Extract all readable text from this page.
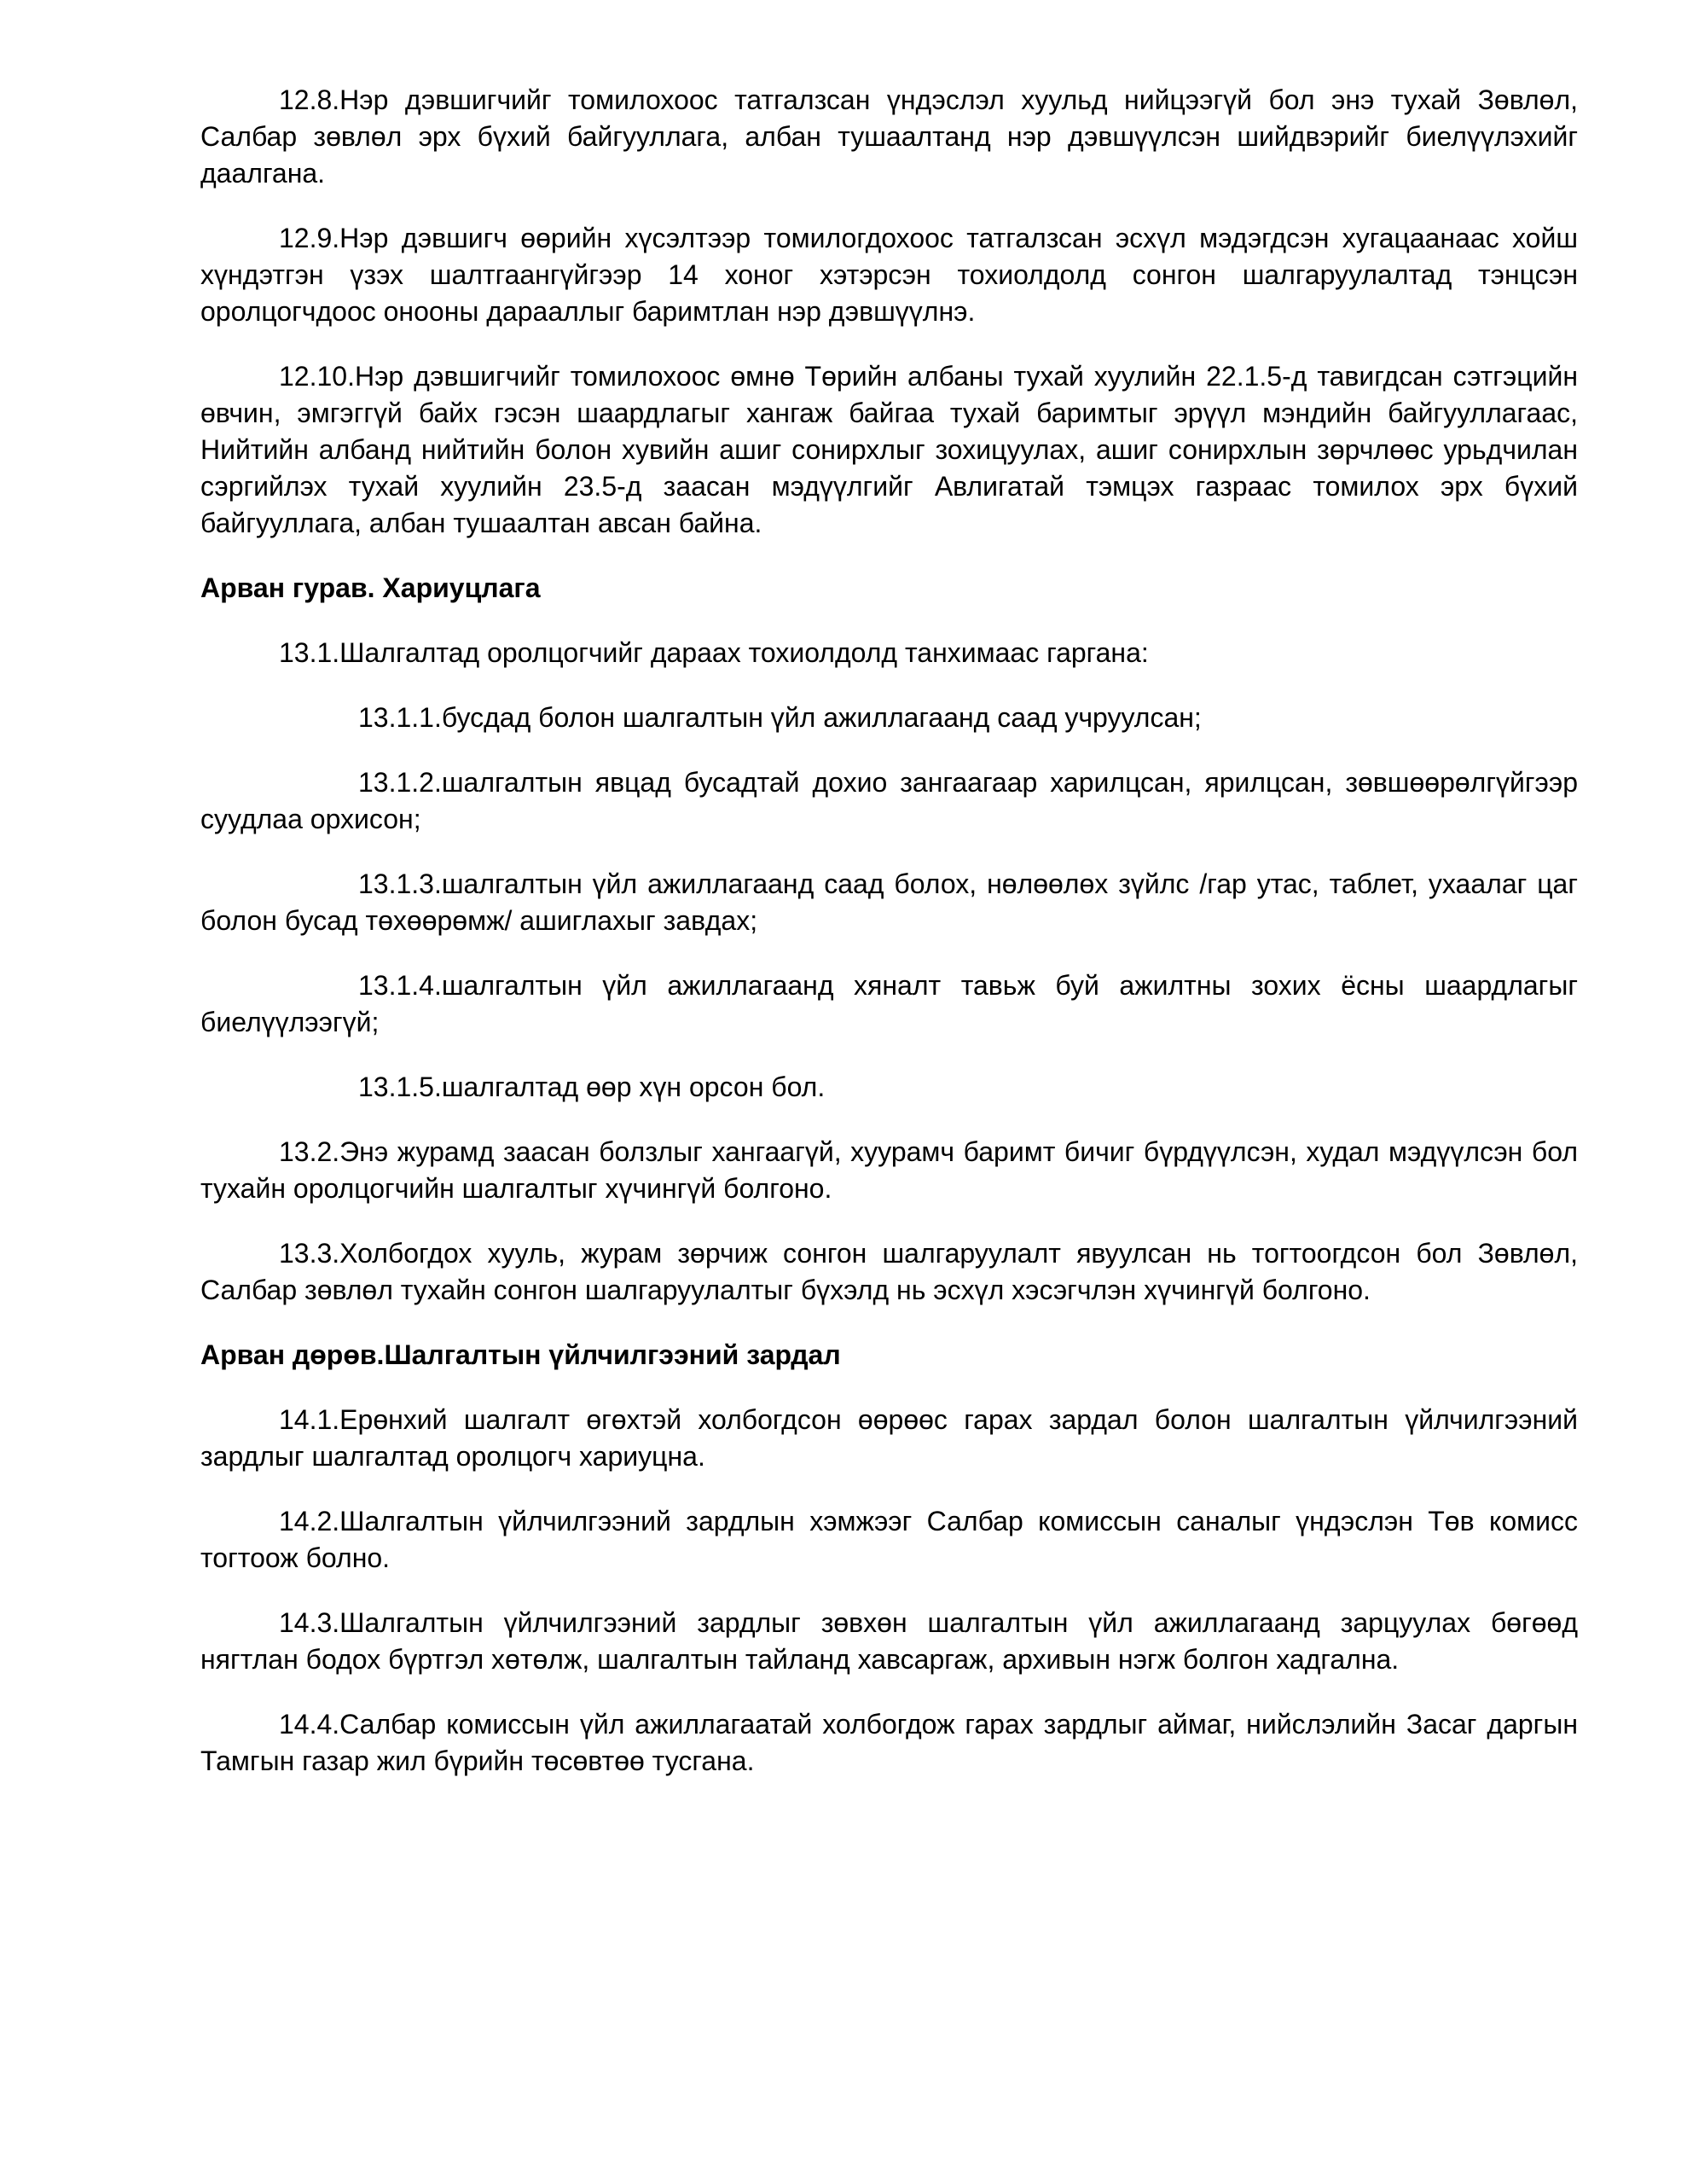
12.8.Нэр дэвшигчийг томилохоос татгалзсан үндэслэл хуульд нийцээгүй бол энэ тухай Зөвлөл, Салбар зөвлөл эрх бүхий байгууллага, албан тушаалтанд нэр дэвшүүлсэн шийдвэрийг биелүүлэхийг даалгана.

12.9.Нэр дэвшигч өөрийн хүсэлтээр томилогдохоос татгалзсан эсхүл мэдэгдсэн хугацаанаас хойш хүндэтгэн үзэх шалтгаангүйгээр 14 хоног хэтэрсэн тохиолдолд сонгон шалгаруулалтад тэнцсэн оролцогчдоос онооны дарааллыг баримтлан нэр дэвшүүлнэ.

12.10.Нэр дэвшигчийг томилохоос өмнө Төрийн албаны тухай хуулийн 22.1.5-д тавигдсан сэтгэцийн өвчин, эмгэггүй байх гэсэн шаардлагыг хангаж байгаа тухай баримтыг эрүүл мэндийн байгууллагаас, Нийтийн албанд нийтийн болон хувийн ашиг сонирхлыг зохицуулах, ашиг сонирхлын зөрчлөөс урьдчилан сэргийлэх тухай хуулийн 23.5-д заасан мэдүүлгийг Авлигатай тэмцэх газраас томилох эрх бүхий байгууллага, албан тушаалтан авсан байна.

Арван гурав. Хариуцлага

13.1.Шалгалтад оролцогчийг дараах тохиолдолд танхимаас гаргана:

13.1.1.бусдад болон шалгалтын үйл ажиллагаанд саад учруулсан;

13.1.2.шалгалтын явцад бусадтай дохио зангаагаар харилцсан, ярилцсан, зөвшөөрөлгүйгээр суудлаа орхисон;

13.1.3.шалгалтын үйл ажиллагаанд саад болох, нөлөөлөх зүйлс /гар утас, таблет, ухаалаг цаг болон бусад төхөөрөмж/ ашиглахыг завдах;

13.1.4.шалгалтын үйл ажиллагаанд хяналт тавьж буй ажилтны зохих ёсны шаардлагыг биелүүлээгүй;

13.1.5.шалгалтад өөр хүн орсон бол.

13.2.Энэ журамд заасан болзлыг хангаагүй, хуурамч баримт бичиг бүрдүүлсэн, худал мэдүүлсэн бол тухайн оролцогчийн шалгалтыг хүчингүй болгоно.

13.3.Холбогдох хууль, журам зөрчиж сонгон шалгаруулалт явуулсан нь тогтоогдсон бол Зөвлөл, Салбар зөвлөл тухайн сонгон шалгаруулалтыг бүхэлд нь эсхүл хэсэгчлэн хүчингүй болгоно.

Арван дөрөв.Шалгалтын үйлчилгээний зардал

14.1.Ерөнхий шалгалт өгөхтэй холбогдсон өөрөөс гарах зардал болон шалгалтын үйлчилгээний зардлыг шалгалтад оролцогч хариуцна.

14.2.Шалгалтын үйлчилгээний зардлын хэмжээг Салбар комиссын саналыг үндэслэн Төв комисс тогтоож болно.

14.3.Шалгалтын үйлчилгээний зардлыг зөвхөн шалгалтын үйл ажиллагаанд зарцуулах бөгөөд нягтлан бодох бүртгэл хөтөлж, шалгалтын тайланд хавсаргаж, архивын нэгж болгон хадгална.

14.4.Салбар комиссын үйл ажиллагаатай холбогдож гарах зардлыг аймаг, нийслэлийн Засаг даргын Тамгын газар жил бүрийн төсөвтөө тусгана.
